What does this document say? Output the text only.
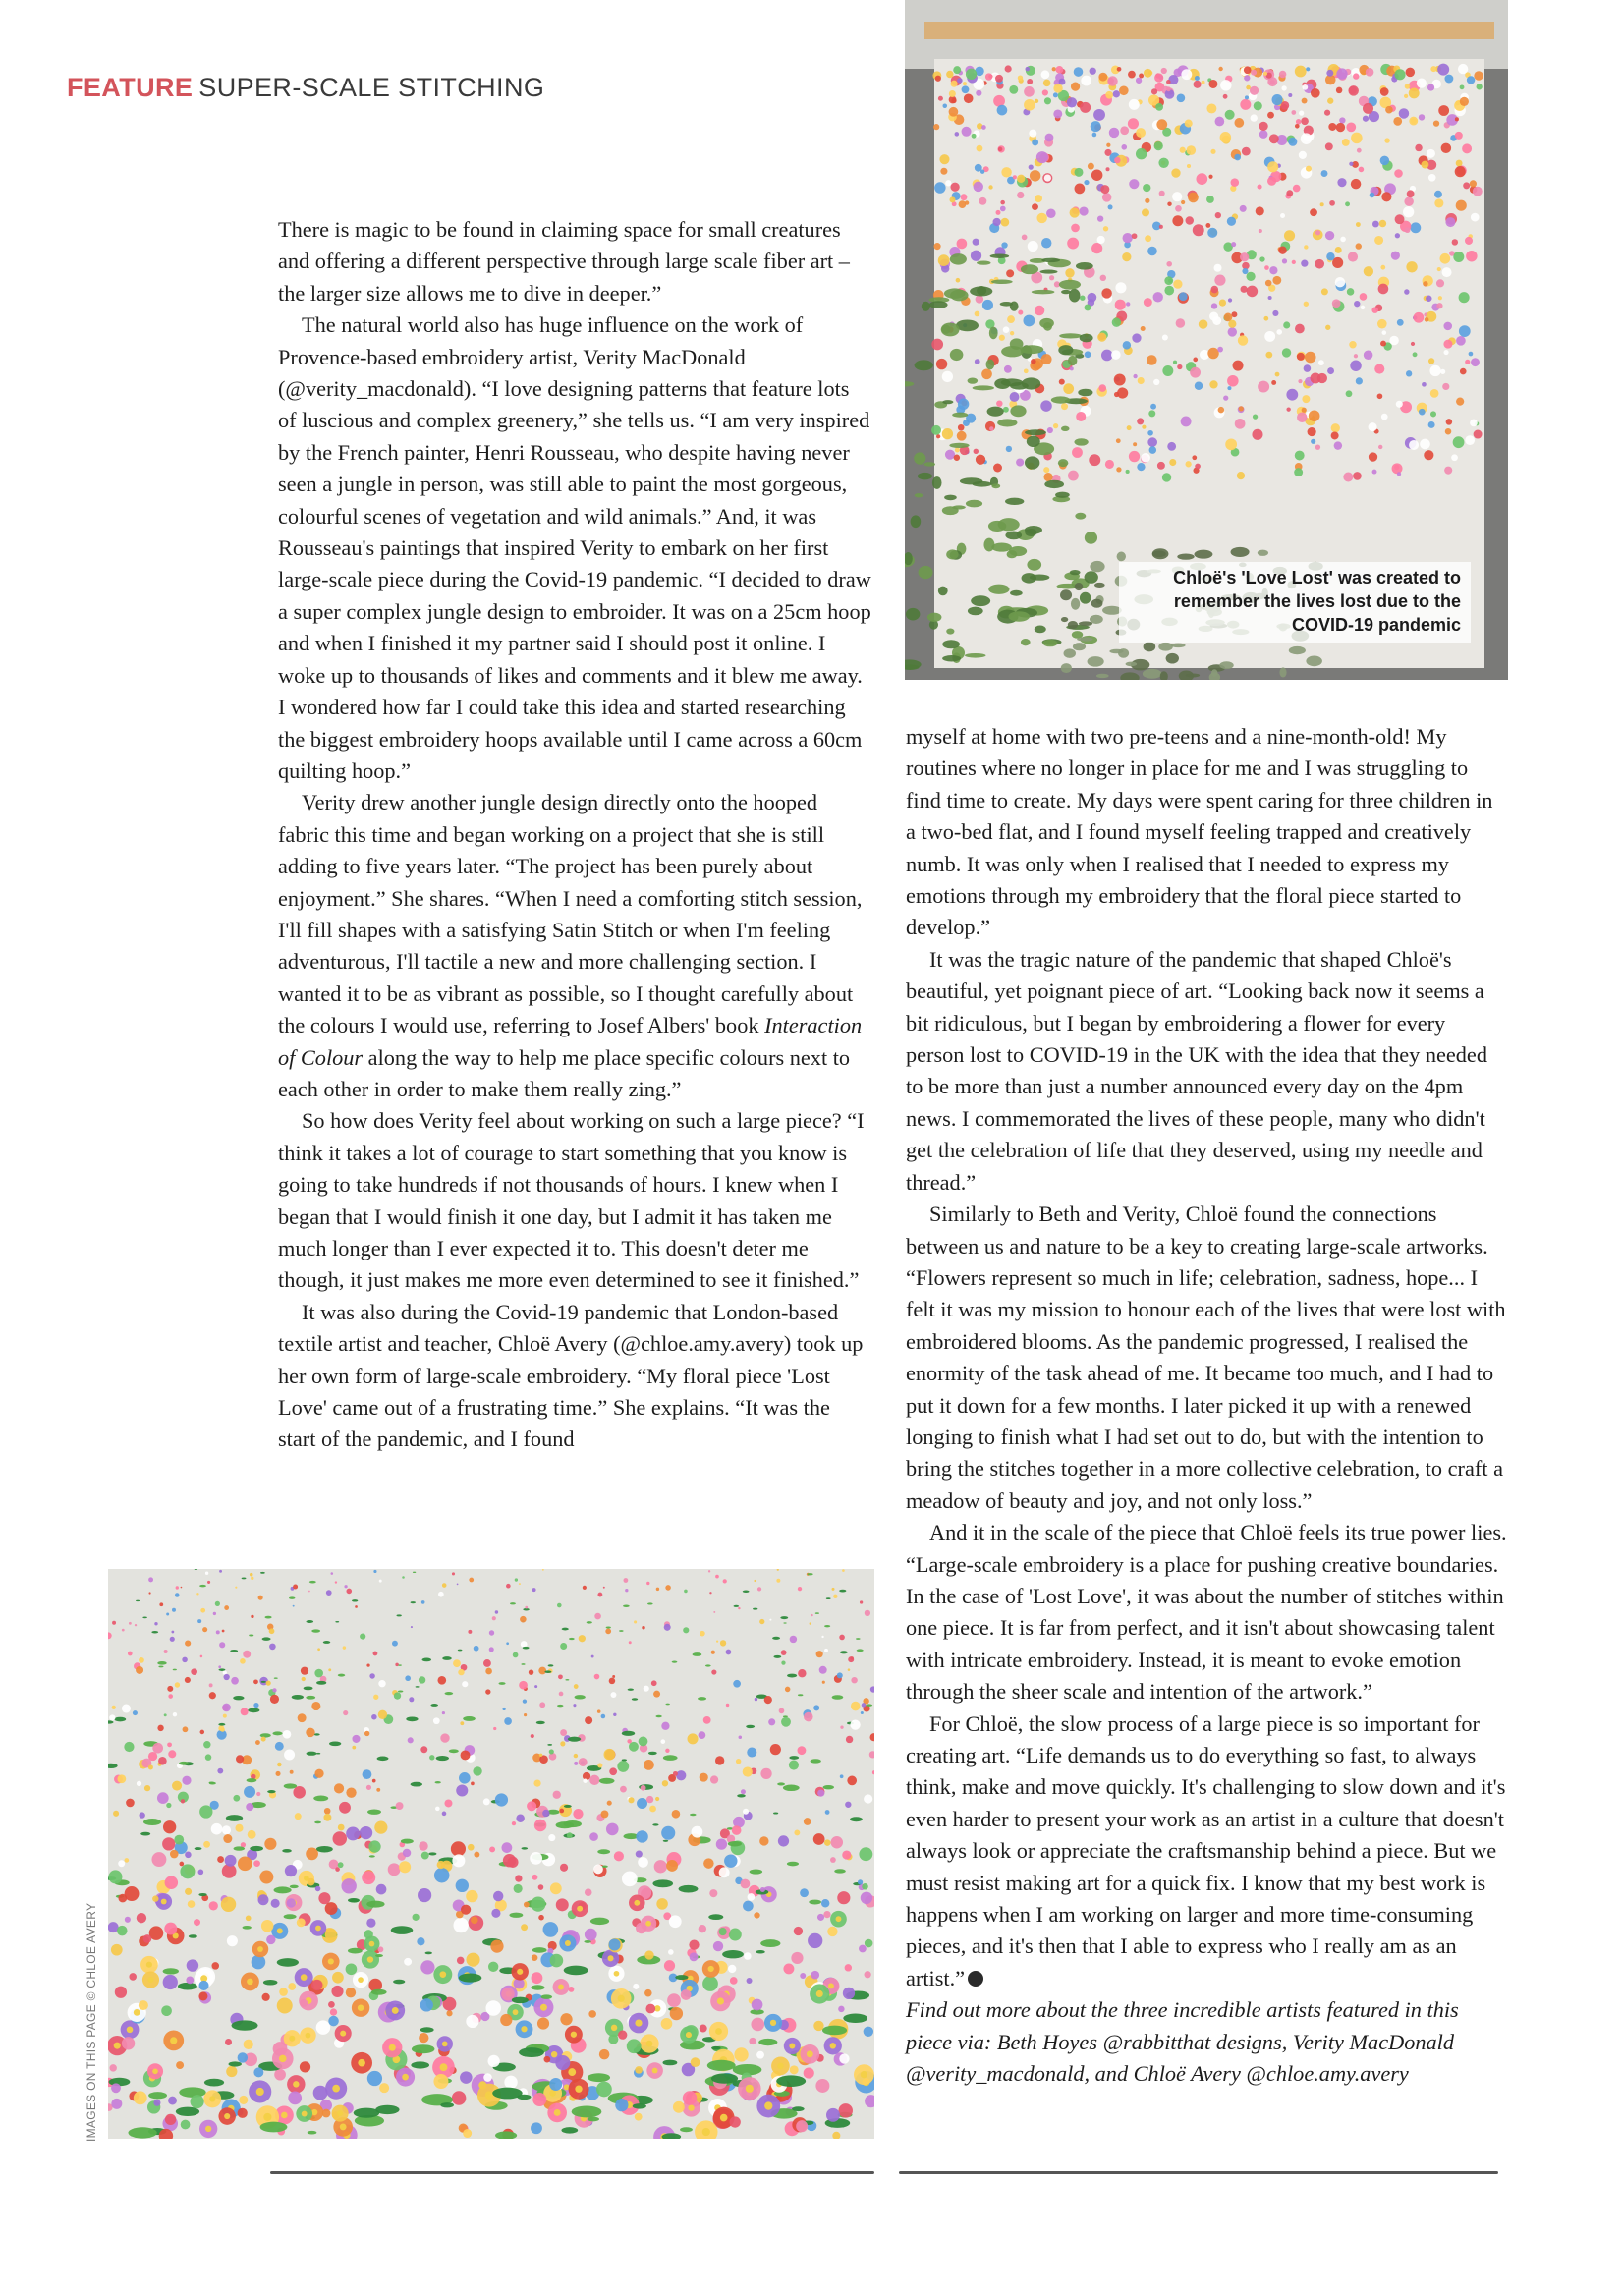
FEATURE SUPER-SCALE STITCHING

There is magic to be found in claiming space for small creatures and offering a different perspective through large scale fiber art – the larger size allows me to dive in deeper.”

The natural world also has huge influence on the work of Provence-based embroidery artist, Verity MacDonald (@verity_macdonald). “I love designing patterns that feature lots of luscious and complex greenery,” she tells us. “I am very inspired by the French painter, Henri Rousseau, who despite having never seen a jungle in person, was still able to paint the most gorgeous, colourful scenes of vegetation and wild animals.” And, it was Rousseau's paintings that inspired Verity to embark on her first large-scale piece during the Covid-19 pandemic. “I decided to draw a super complex jungle design to embroider. It was on a 25cm hoop and when I finished it my partner said I should post it online. I woke up to thousands of likes and comments and it blew me away. I wondered how far I could take this idea and started researching the biggest embroidery hoops available until I came across a 60cm quilting hoop.”

Verity drew another jungle design directly onto the hooped fabric this time and began working on a project that she is still adding to five years later. “The project has been purely about enjoyment.” She shares. “When I need a comforting stitch session, I'll fill shapes with a satisfying Satin Stitch or when I'm feeling adventurous, I'll tactile a new and more challenging section. I wanted it to be as vibrant as possible, so I thought carefully about the colours I would use, referring to Josef Albers' book Interaction of Colour along the way to help me place specific colours next to each other in order to make them really zing.”

So how does Verity feel about working on such a large piece? “I think it takes a lot of courage to start something that you know is going to take hundreds if not thousands of hours. I knew when I began that I would finish it one day, but I admit it has taken me much longer than I ever expected it to. This doesn't deter me though, it just makes me more even determined to see it finished.”

It was also during the Covid-19 pandemic that London-based textile artist and teacher, Chloë Avery (@chloe.amy.avery) took up her own form of large-scale embroidery. “My floral piece 'Lost Love' came out of a frustrating time.” She explains. “It was the start of the pandemic, and I found

Chloë's 'Love Lost' was created to remember the lives lost due to the COVID-19 pandemic

myself at home with two pre-teens and a nine-month-old! My routines where no longer in place for me and I was struggling to find time to create. My days were spent caring for three children in a two-bed flat, and I found myself feeling trapped and creatively numb. It was only when I realised that I needed to express my emotions through my embroidery that the floral piece started to develop.”

It was the tragic nature of the pandemic that shaped Chloë's beautiful, yet poignant piece of art. “Looking back now it seems a bit ridiculous, but I began by embroidering a flower for every person lost to COVID-19 in the UK with the idea that they needed to be more than just a number announced every day on the 4pm news. I commemorated the lives of these people, many who didn't get the celebration of life that they deserved, using my needle and thread.”

Similarly to Beth and Verity, Chloë found the connections between us and nature to be a key to creating large-scale artworks. “Flowers represent so much in life; celebration, sadness, hope... I felt it was my mission to honour each of the lives that were lost with embroidered blooms. As the pandemic progressed, I realised the enormity of the task ahead of me. It became too much, and I had to put it down for a few months. I later picked it up with a renewed longing to finish what I had set out to do, but with the intention to bring the stitches together in a more collective celebration, to craft a meadow of beauty and joy, and not only loss.”

And it in the scale of the piece that Chloë feels its true power lies. “Large-scale embroidery is a place for pushing creative boundaries. In the case of 'Lost Love', it was about the number of stitches within one piece. It is far from perfect, and it isn't about showcasing talent with intricate embroidery. Instead, it is meant to evoke emotion through the sheer scale and intention of the artwork.”

For Chloë, the slow process of a large piece is so important for creating art. “Life demands us to do everything so fast, to always think, make and move quickly. It's challenging to slow down and it's even harder to present your work as an artist in a culture that doesn't always look or appreciate the craftsmanship behind a piece. But we must resist making art for a quick fix. I know that my best work is happens when I am working on larger and more time-consuming pieces, and it's then that I able to express who I really am as an artist.”

Find out more about the three incredible artists featured in this piece via: Beth Hoyes @rabbitthat designs, Verity MacDonald @verity_macdonald, and Chloë Avery @chloe.amy.avery

IMAGES ON THIS PAGE © CHLOE AVERY
